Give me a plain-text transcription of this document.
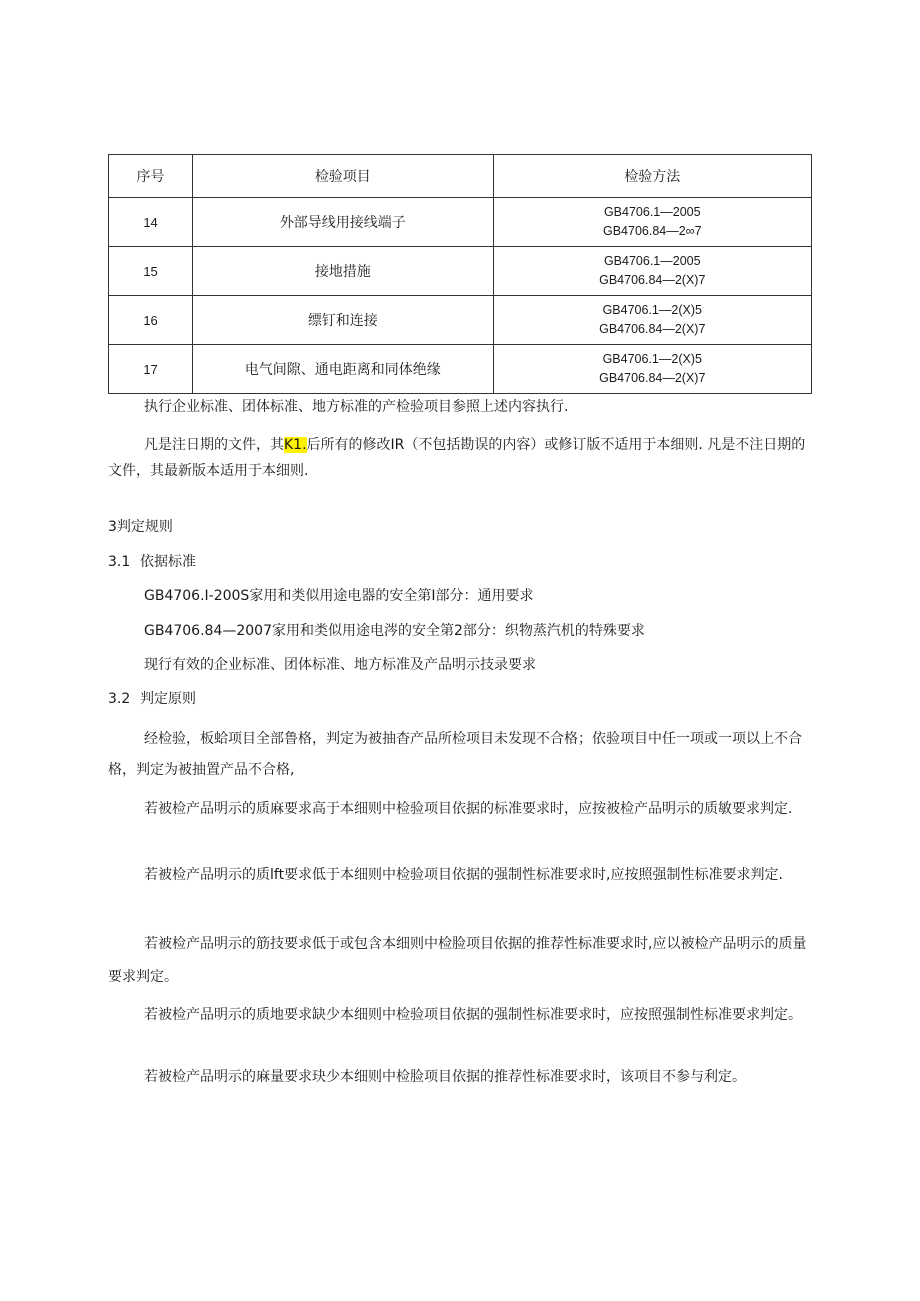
序号	检验项目	检验方法
14	外部导线用接线端子	GB4706.1—2005
GB4706.84—2∞7

15	接地措施	GB4706.1—2005
GB4706.84—2(X)7

16	缥钉和连接	GB4706.1—2(X)5
GB4706.84—2(X)7

17	电气间隙、通电距离和同体绝缘	GB4706.1—2(X)5
GB4706.84—2(X)7

执行企业标准、团体标准、地方标准的产检验项目参照上述内容执行.

凡是注日期的文件，其K1.后所有的修改IR（不包括勘误的内容）或修订版不适用于本细则. 凡是不注日期的文件，其最新版本适用于本细则.

3判定规则

3.1 依据标准

GB4706.I-200S家用和类似用途电器的安全第I部分：通用要求

GB4706.84—2007家用和类似用途电涔的安全第2部分：织物蒸汽机的特殊要求

现行有效的企业标准、团体标准、地方标准及产品明示技录要求

3.2 判定原则

经检验，板蛤项目全部鲁格，判定为被抽杳产品所检项目未发现不合格；依验项目中任一项或一项以上不合格，判定为被抽置产品不合格,

若被检产品明示的质麻要求高于本细则中检验项目依据的标准要求时，应按被检产品明示的质敏要求判定.

若被检产品明示的质lft要求低于本细则中检验项目依据的强制性标准要求时,应按照强制性标准要求判定.

若被检产品明示的筋技要求低于或包含本细则中检脸项目依据的推荐性标准要求时,应以被检产品明示的质量要求判定。

若被检产品明示的质地要求缺少本细则中检验项目依据的强制性标准要求时，应按照强制性标准要求判定。

若被检产品明示的麻量要求玦少本细则中检脸项目依据的推荐性标准要求时，该项目不参与利定。
